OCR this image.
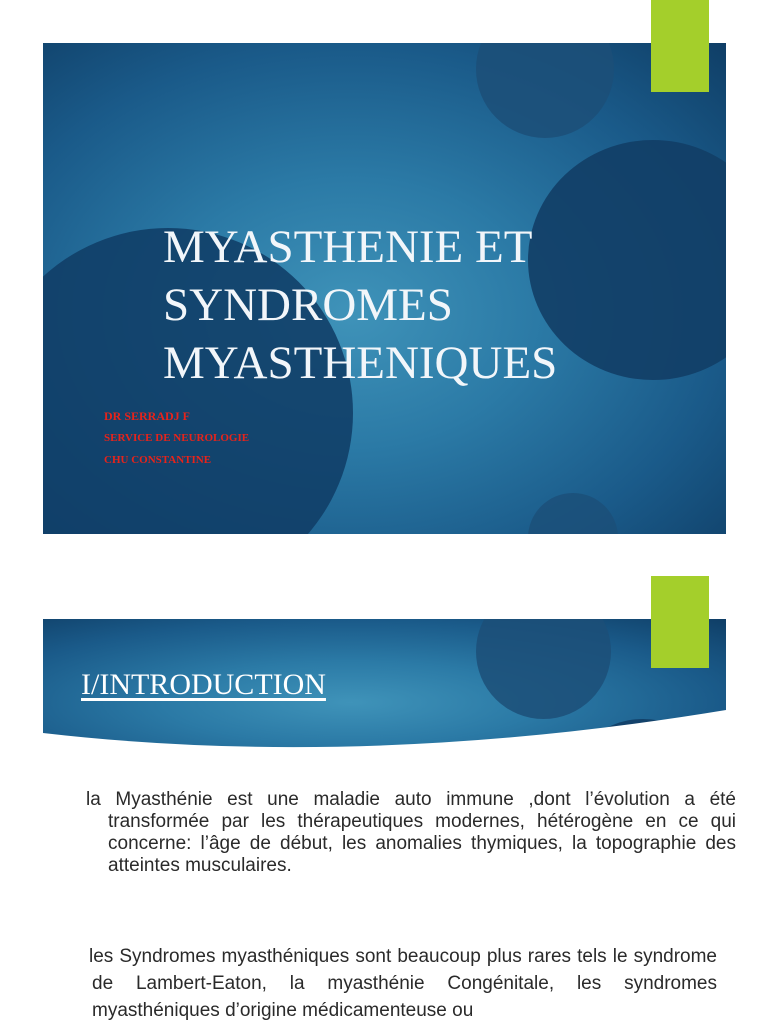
MYASTHENIE ET
SYNDROMES
MYASTHENIQUES
DR SERRADJ F
SERVICE DE NEUROLOGIE
CHU CONSTANTINE
I/INTRODUCTION

la Myasthénie est une maladie auto immune ,dont l’évolution a été transformée par les thérapeutiques modernes, hétérogène en ce qui concerne: l’âge de début, les anomalies thymiques, la topographie des atteintes musculaires.

les Syndromes myasthéniques sont beaucoup plus rares tels le syndrome de Lambert-Eaton, la myasthénie Congénitale, les syndromes myasthéniques d’origine médicamenteuse ou
